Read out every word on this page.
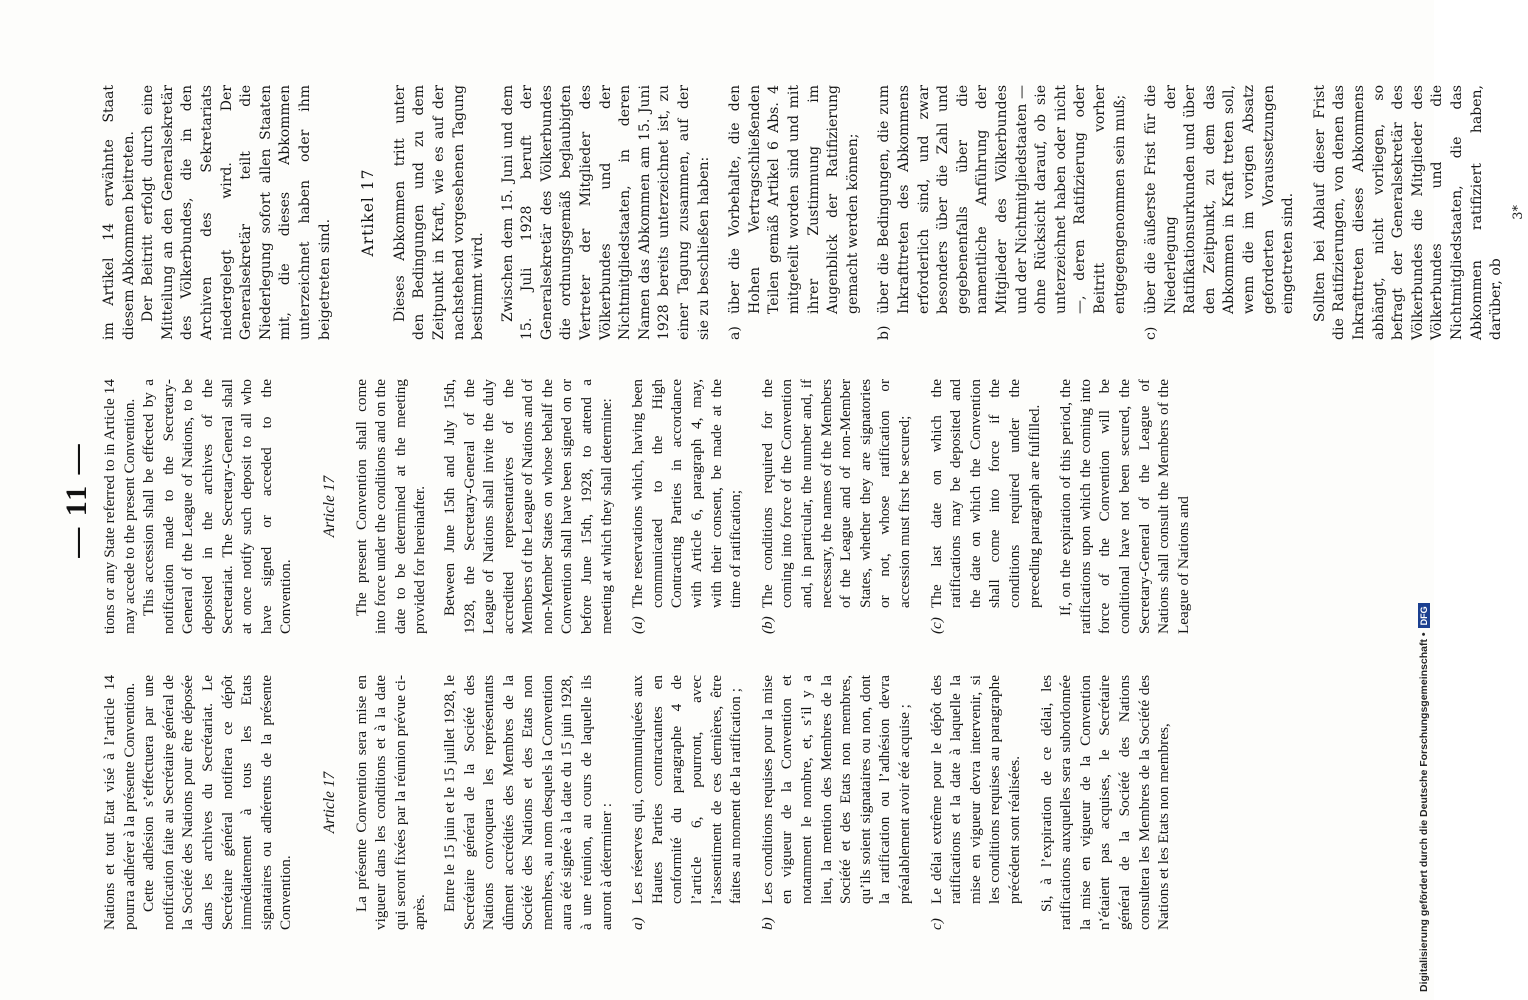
— 11 —

Nations et tout Etat visé à l’article 14 pourra adhérer à la présente Convention. Cette adhésion s’effectuera par une notification faite au Secrétaire général de la Société des Nations pour être déposée dans les archives du Secrétariat. Le Secrétaire général notifiera ce dépôt immédiatement à tous les Etats signataires ou adhérents de la présente Convention.

Article 17 La présente Convention sera mise en vigueur dans les conditions et à la date qui seront fixées par la réunion prévue ci-après.

Entre le 15 juin et le 15 juillet 1928, le Secrétaire général de la Société des Nations convoquera les représentants dûment accrédités des Membres de la Société des Nations et des Etats non membres, au nom desquels la Convention aura été signée à la date du 15 juin 1928, à une réunion, au cours de laquelle ils auront à déterminer : a)
Les réserves qui, communiquées aux Hautes Parties contractantes en conformité du paragraphe 4 de l’article 6, pourront, avec l’assentiment de ces dernières, être faites au moment de la ratification ;
b)
Les conditions requises pour la mise en vigueur de la Convention et notamment le nombre, et, s’il y a lieu, la mention des Membres de la Société et des Etats non membres, qu’ils soient signataires ou non, dont la ratification ou l’adhésion devra préalablement avoir été acquise ;
c)
Le délai extrême pour le dépôt des ratifications et la date à laquelle la mise en vigueur devra intervenir, si les conditions requises au paragraphe précédent sont réalisées. Si, à l’expiration de ce délai, les ratifications auxquelles sera subordonnée la mise en vigueur de la Convention n’étaient pas acquises, le Secrétaire général de la Société des Nations consultera les Membres de la Société des Nations et les Etats non membres,

tions or any State referred to in Article 14 may accede to the present Convention. This accession shall be effected by a notification made to the Secretary-General of the League of Nations, to be deposited in the archives of the Secretariat. The Secretary-General shall at once notify such deposit to all who have signed or acceded to the Convention.

Article 17 The present Convention shall come into force under the conditions and on the date to be determined at the meeting provided for hereinafter. Between June 15th and July 15th, 1928, the Secretary-General of the League of Nations shall invite the duly accredited representatives of the Members of the League of Nations and of non-Member States on whose behalf the Convention shall have been signed on or before June 15th, 1928, to attend a meeting at which they shall determine: (a)
The reservations which, having been communicated to the High Contracting Parties in accordance with Article 6, paragraph 4, may, with their consent, be made at the time of ratification;
(b)
The conditions required for the coming into force of the Convention and, in particular, the number and, if necessary, the names of the Members of the League and of non-Member States, whether they are signatories or not, whose ratification or accession must first be secured;
(c)
The last date on which the ratifications may be deposited and the date on which the Convention shall come into force if the conditions required under the preceding paragraph are fulfilled. If, on the expiration of this period, the ratifications upon which the coming into force of the Convention will be conditional have not been secured, the Secretary-General of the League of Nations shall consult the Members of the League of Nations and

im Artikel 14 erwähnte Staat diesem Abkommen beitreten. Der Beitritt erfolgt durch eine Mitteilung an den Generalsekretär des Völkerbundes, die in den Archiven des Sekretariats niedergelegt wird. Der Generalsekretär teilt die Niederlegung sofort allen Staaten mit, die dieses Abkommen unterzeichnet haben oder ihm beigetreten sind.

Artikel 17 Dieses Abkommen tritt unter den Bedingungen und zu dem Zeitpunkt in Kraft, wie es auf der nachstehend vorgesehenen Tagung bestimmt wird. Zwischen dem 15. Juni und dem 15. Juli 1928 beruft der Generalsekretär des Völkerbundes die ordnungsgemäß beglaubigten Vertreter der Mitglieder des Völkerbundes und der Nichtmitgliedstaaten, in deren Namen das Abkommen am 15. Juni 1928 bereits unterzeichnet ist, zu einer Tagung zusammen, auf der sie zu beschließen haben: a)
über die Vorbehalte, die den Hohen Vertragschließenden Teilen gemäß Artikel 6 Abs. 4 mitgeteilt worden sind und mit ihrer Zustimmung im Augenblick der Ratifizierung gemacht werden können;
b)
über die Bedingungen, die zum Inkrafttreten des Abkommens erforderlich sind, und zwar besonders über die Zahl und gegebenenfalls über die namentliche Anführung der Mitglieder des Völkerbundes und der Nichtmitgliedstaaten — ohne Rücksicht darauf, ob sie unterzeichnet haben oder nicht —, deren Ratifizierung oder Beitritt vorher entgegengenommen sein muß;
c)
über die äußerste Frist für die Niederlegung der Ratifikationsurkunden und über den Zeitpunkt, zu dem das Abkommen in Kraft treten soll, wenn die im vorigen Absatz geforderten Voraussetzungen eingetreten sind. Sollten bei Ablauf dieser Frist die Ratifizierungen, von denen das Inkrafttreten dieses Abkommens abhängt, nicht vorliegen, so befragt der Generalsekretär des Völkerbundes die Mitglieder des Völkerbundes und die Nichtmitgliedstaaten, die das Abkommen ratifiziert haben, darüber, ob

3*
Digitalisierung gefördert durch die Deutsche Forschungsgemeinschaft •
DFG
